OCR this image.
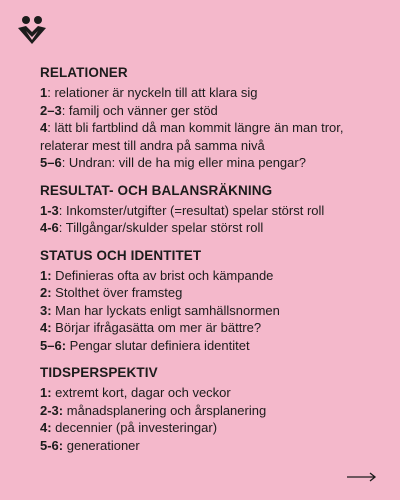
RELATIONER

1: relationer är nyckeln till att klara sig

2–3: familj och vänner ger stöd

4: lätt bli fartblind då man kommit längre än man tror, relaterar mest till andra på samma nivå

5–6: Undran: vill de ha mig eller mina pengar?

RESULTAT- OCH BALANSRÄKNING

1-3: Inkomster/utgifter (=resultat) spelar störst roll

4-6: Tillgångar/skulder spelar störst roll

STATUS OCH IDENTITET

1: Definieras ofta av brist och kämpande

2: Stolthet över framsteg

3: Man har lyckats enligt samhällsnormen

4: Börjar ifrågasätta om mer är bättre?

5–6: Pengar slutar definiera identitet

TIDSPERSPEKTIV

1: extremt kort, dagar och veckor

2-3: månadsplanering och årsplanering

4: decennier (på investeringar)

5-6: generationer
